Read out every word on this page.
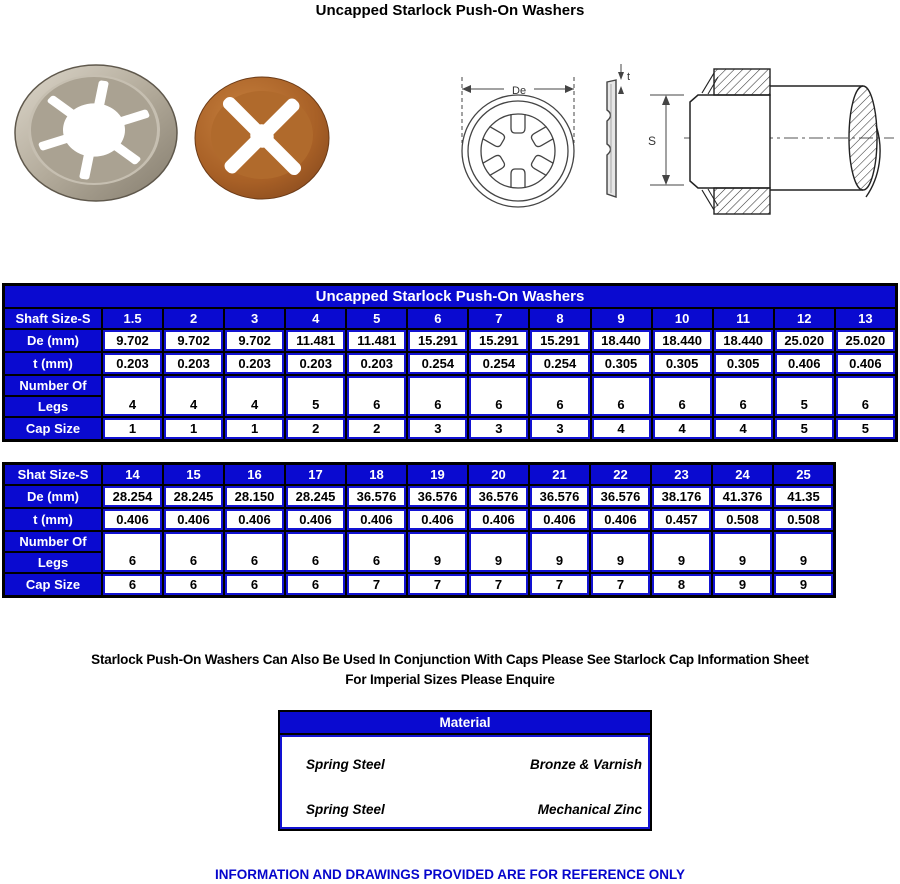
Uncapped Starlock Push-On Washers
De
t
S
Uncapped Starlock Push-On Washers													
Shaft Size-S	1.5	2	3	4	5	6	7	8	9	10	11	12	13
De (mm)	9.702	9.702	9.702	11.481	11.481	15.291	15.291	15.291	18.440	18.440	18.440	25.020	25.020
t (mm)	0.203	0.203	0.203	0.203	0.203	0.254	0.254	0.254	0.305	0.305	0.305	0.406	0.406
Number Of	4	4	4	5	6	6	6	6	6	6	6	5	6
Legs													
Cap Size	1	1	1	2	2	3	3	3	4	4	4	5	5
Shat Size-S	14	15	16	17	18	19	20	21	22	23	24	25
De (mm)	28.254	28.245	28.150	28.245	36.576	36.576	36.576	36.576	36.576	38.176	41.376	41.35
t (mm)	0.406	0.406	0.406	0.406	0.406	0.406	0.406	0.406	0.406	0.457	0.508	0.508
Number Of	6	6	6	6	6	9	9	9	9	9	9	9
Legs												
Cap Size	6	6	6	6	7	7	7	7	7	8	9	9
Starlock Push-On Washers Can Also Be Used In Conjunction With Caps Please See Starlock Cap Information Sheet
For Imperial Sizes Please Enquire
Material
Spring Steel	Bronze & Varnish
Spring Steel	Mechanical Zinc
INFORMATION AND DRAWINGS PROVIDED ARE FOR REFERENCE ONLY
